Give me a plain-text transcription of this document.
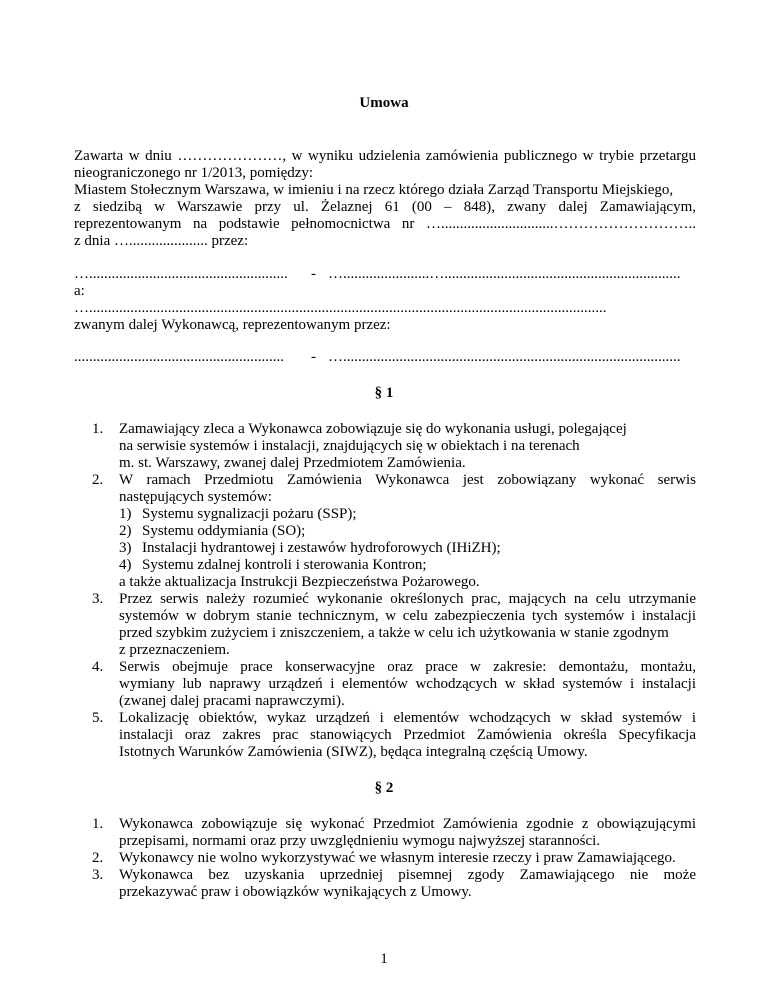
Umowa
Zawarta w dniu …………………, w wyniku udzielenia zamówienia publicznego w trybie przetargu
nieograniczonego nr 1/2013, pomiędzy:
Miastem Stołecznym Warszawa, w imieniu i na rzecz którego działa Zarząd Transportu Miejskiego,
z siedzibą w Warszawie przy ul. Żelaznej 61 (00 – 848), zwany dalej Zamawiającym,
reprezentowanym na podstawie pełnomocnictwa nr …..............................………………………..
z dnia …..................... przez:
…..................................................... - ….......................…...............................................................
a:
…..........................................................................................................................................
zwanym dalej Wykonawcą, reprezentowanym przez:
........................................................ - …..........................................................................................
§ 1
1. Zamawiający zleca a Wykonawca zobowiązuje się do wykonania usługi, polegającej
na serwisie systemów i instalacji, znajdujących się w obiektach i na terenach
m. st. Warszawy, zwanej dalej Przedmiotem Zamówienia.
2. W ramach Przedmiotu Zamówienia Wykonawca jest zobowiązany wykonać serwis
następujących systemów:
1) Systemu sygnalizacji pożaru (SSP);
2) Systemu oddymiania (SO);
3) Instalacji hydrantowej i zestawów hydroforowych (IHiZH);
4) Systemu zdalnej kontroli i sterowania Kontron;
a także aktualizacja Instrukcji Bezpieczeństwa Pożarowego.
3. Przez serwis należy rozumieć wykonanie określonych prac, mających na celu utrzymanie
systemów w dobrym stanie technicznym, w celu zabezpieczenia tych systemów i instalacji
przed szybkim zużyciem i zniszczeniem, a także w celu ich użytkowania w stanie zgodnym
z przeznaczeniem.
4. Serwis obejmuje prace konserwacyjne oraz prace w zakresie: demontażu, montażu,
wymiany lub naprawy urządzeń i elementów wchodzących w skład systemów i instalacji
(zwanej dalej pracami naprawczymi).
5. Lokalizację obiektów, wykaz urządzeń i elementów wchodzących w skład systemów i
instalacji oraz zakres prac stanowiących Przedmiot Zamówienia określa Specyfikacja
Istotnych Warunków Zamówienia (SIWZ), będąca integralną częścią Umowy.
§ 2
1. Wykonawca zobowiązuje się wykonać Przedmiot Zamówienia zgodnie z obowiązującymi
przepisami, normami oraz przy uwzględnieniu wymogu najwyższej staranności.
2. Wykonawcy nie wolno wykorzystywać we własnym interesie rzeczy i praw Zamawiającego.
3. Wykonawca bez uzyskania uprzedniej pisemnej zgody Zamawiającego nie może
przekazywać praw i obowiązków wynikających z Umowy.
1
